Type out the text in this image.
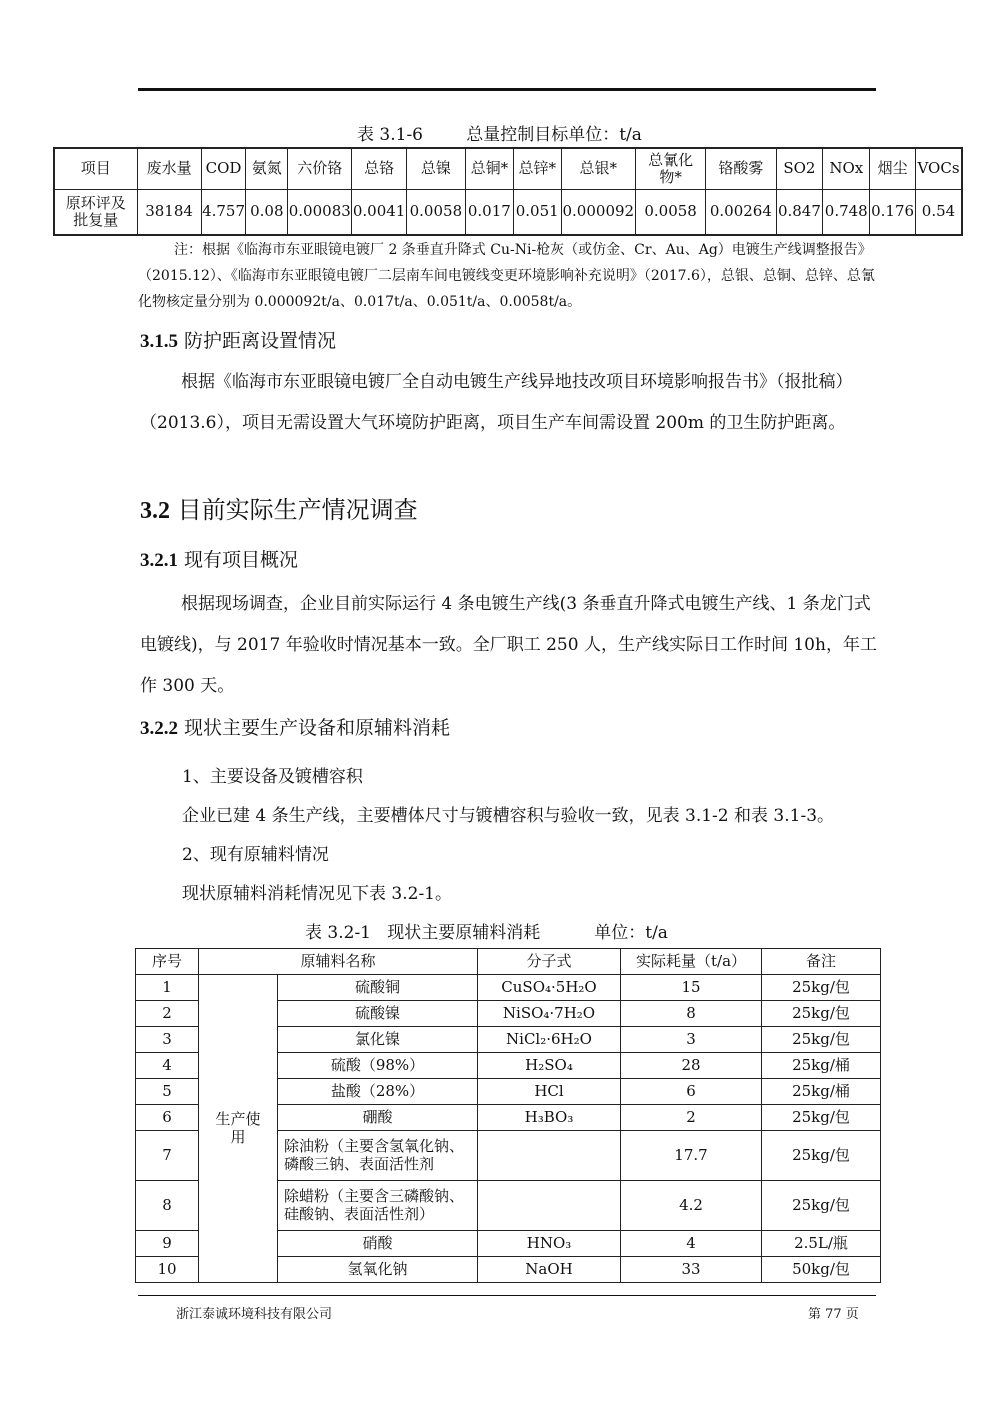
表 3.1-6        总量控制目标单位：t/a
项目	废水量	COD	氨氮	六价铬	总铬	总镍	总铜*	总锌*	总银*	总氰化物*	铬酸雾	SO2	NOx	烟尘	VOCs
原环评及批复量	38184	4.757	0.08	0.00083	0.0041	0.0058	0.017	0.051	0.000092	0.0058	0.00264	0.847	0.748	0.176	0.54
注：根据《临海市东亚眼镜电镀厂 2 条垂直升降式 Cu-Ni-枪灰（或仿金、Cr、Au、Ag）电镀生产线调整报告》（2015.12）、《临海市东亚眼镜电镀厂二层南车间电镀线变更环境影响补充说明》（2017.6），总银、总铜、总锌、总氰化物核定量分别为 0.000092t/a、0.017t/a、0.051t/a、0.0058t/a。
3.1.5 防护距离设置情况
根据《临海市东亚眼镜电镀厂全自动电镀生产线异地技改项目环境影响报告书》（报批稿）（2013.6），项目无需设置大气环境防护距离，项目生产车间需设置 200m 的卫生防护距离。
3.2 目前实际生产情况调查
3.2.1 现有项目概况
根据现场调查，企业目前实际运行 4 条电镀生产线(3 条垂直升降式电镀生产线、1 条龙门式电镀线)，与 2017 年验收时情况基本一致。全厂职工 250 人，生产线实际日工作时间 10h，年工作 300 天。
3.2.2 现状主要生产设备和原辅料消耗
1、主要设备及镀槽容积
企业已建 4 条生产线，主要槽体尺寸与镀槽容积与验收一致，见表 3.1-2 和表 3.1-3。
2、现有原辅料情况
现状原辅料消耗情况见下表 3.2-1。
表 3.2-1   现状主要原辅料消耗          单位：t/a
序号	原辅料名称		分子式	实际耗量（t/a）	备注
1	生产使用	硫酸铜	CuSO₄·5H₂O	15	25kg/包
2		硫酸镍	NiSO₄·7H₂O	8	25kg/包
3		氯化镍	NiCl₂·6H₂O	3	25kg/包
4		硫酸（98%）	H₂SO₄	28	25kg/桶
5		盐酸（28%）	HCl	6	25kg/桶
6		硼酸	H₃BO₃	2	25kg/包
7		除油粉（主要含氢氧化钠、磷酸三钠、表面活性剂		17.7	25kg/包
8		除蜡粉（主要含三磷酸钠、硅酸钠、表面活性剂）		4.2	25kg/包
9		硝酸	HNO₃	4	2.5L/瓶
10		氢氧化钠	NaOH	33	50kg/包
浙江泰诚环境科技有限公司	第 77 页
